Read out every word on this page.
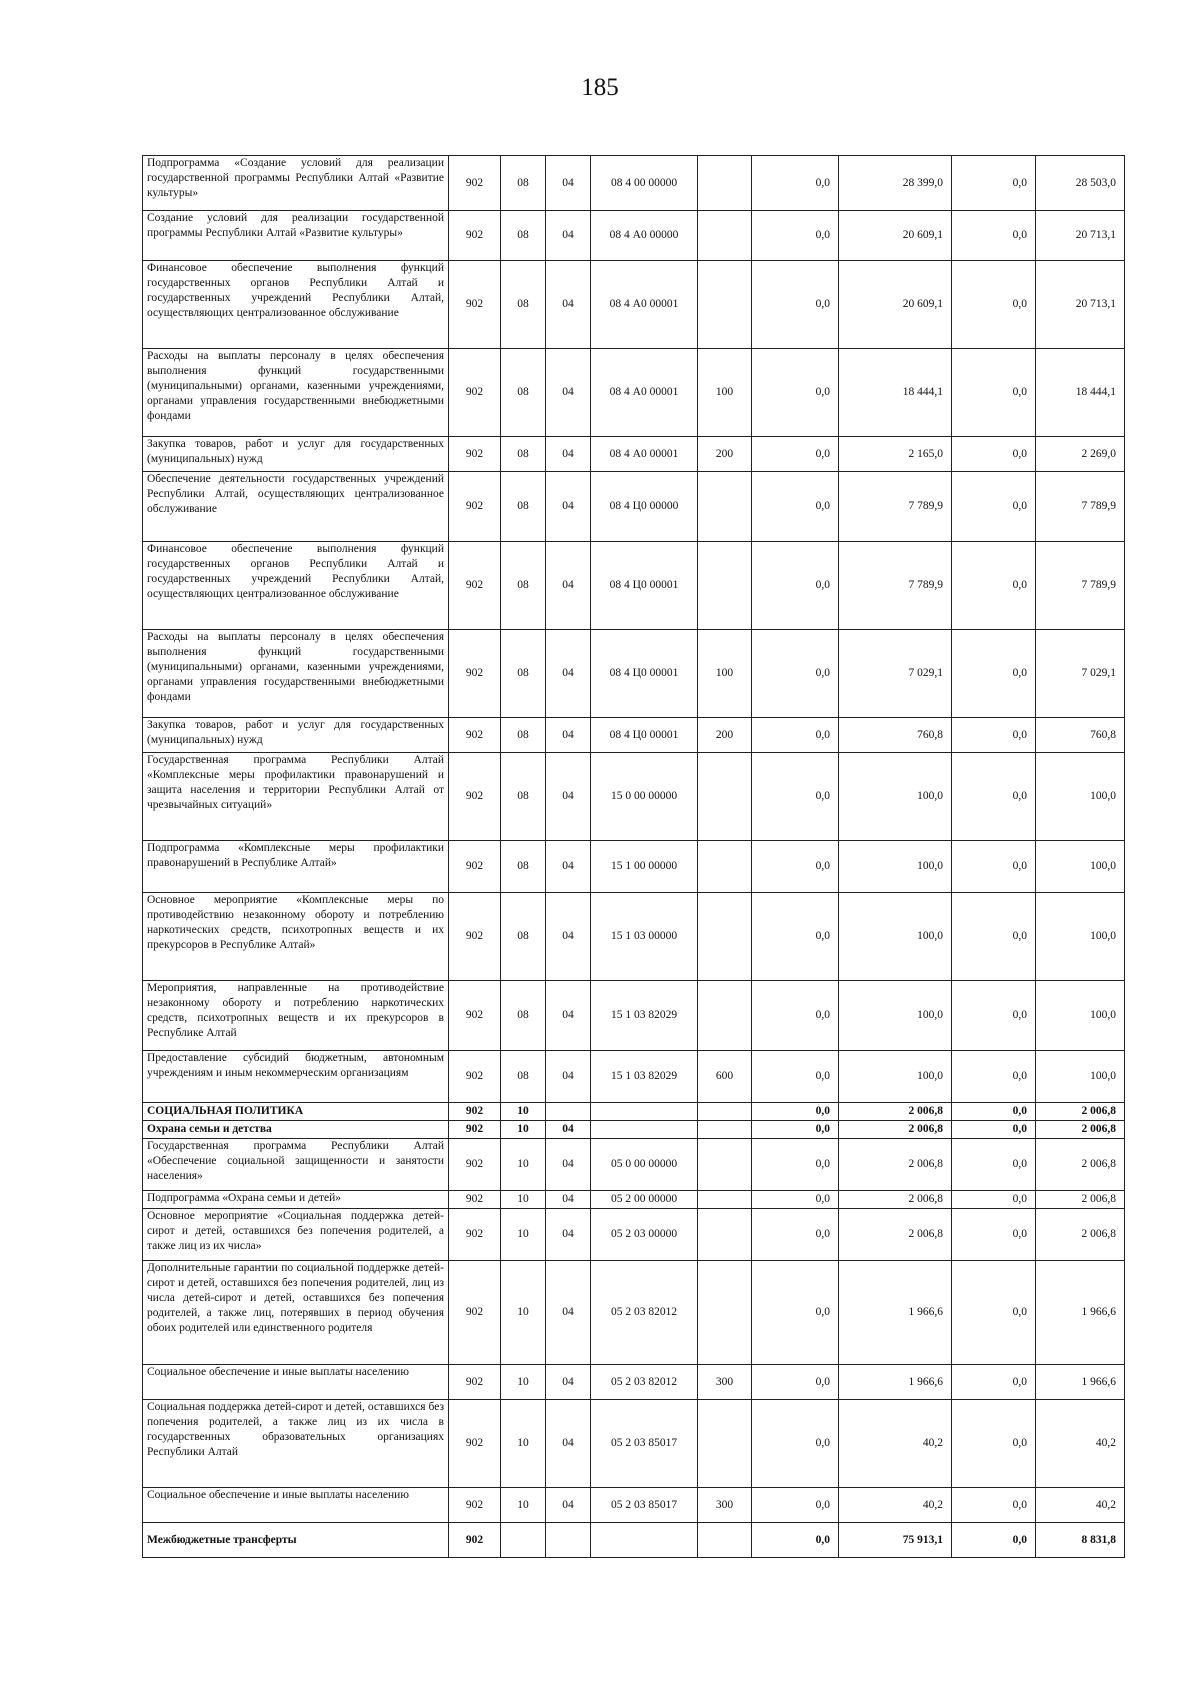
185
Подпрограмма «Создание условий для реализации государственной программы Республики Алтай «Развитие культуры»	902	08	04	08 4 00 00000		0,0	28 399,0	0,0	28 503,0
Создание условий для реализации государственной программы Республики Алтай «Развитие культуры»	902	08	04	08 4 А0 00000		0,0	20 609,1	0,0	20 713,1
Финансовое обеспечение выполнения функций государственных органов Республики Алтай и государственных учреждений Республики Алтай, осуществляющих централизованное обслуживание	902	08	04	08 4 А0 00001		0,0	20 609,1	0,0	20 713,1
Расходы на выплаты персоналу в целях обеспечения выполнения функций государственными (муниципальными) органами, казенными учреждениями, органами управления государственными внебюджетными фондами	902	08	04	08 4 А0 00001	100	0,0	18 444,1	0,0	18 444,1
Закупка товаров, работ и услуг для государственных (муниципальных) нужд	902	08	04	08 4 А0 00001	200	0,0	2 165,0	0,0	2 269,0
Обеспечение деятельности государственных учреждений Республики Алтай, осуществляющих централизованное обслуживание	902	08	04	08 4 Ц0 00000		0,0	7 789,9	0,0	7 789,9
Финансовое обеспечение выполнения функций государственных органов Республики Алтай и государственных учреждений Республики Алтай, осуществляющих централизованное обслуживание	902	08	04	08 4 Ц0 00001		0,0	7 789,9	0,0	7 789,9
Расходы на выплаты персоналу в целях обеспечения выполнения функций государственными (муниципальными) органами, казенными учреждениями, органами управления государственными внебюджетными фондами	902	08	04	08 4 Ц0 00001	100	0,0	7 029,1	0,0	7 029,1
Закупка товаров, работ и услуг для государственных (муниципальных) нужд	902	08	04	08 4 Ц0 00001	200	0,0	760,8	0,0	760,8
Государственная программа Республики Алтай «Комплексные меры профилактики правонарушений и защита населения и территории Республики Алтай от чрезвычайных ситуаций»	902	08	04	15 0 00 00000		0,0	100,0	0,0	100,0
Подпрограмма «Комплексные меры профилактики правонарушений в Республике Алтай»	902	08	04	15 1 00 00000		0,0	100,0	0,0	100,0
Основное мероприятие «Комплексные меры по противодействию незаконному обороту и потреблению наркотических средств, психотропных веществ и их прекурсоров в Республике Алтай»	902	08	04	15 1 03 00000		0,0	100,0	0,0	100,0
Мероприятия, направленные на противодействие незаконному обороту и потреблению наркотических средств, психотропных веществ и их прекурсоров в Республике Алтай	902	08	04	15 1 03 82029		0,0	100,0	0,0	100,0
Предоставление субсидий бюджетным, автономным учреждениям и иным некоммерческим организациям	902	08	04	15 1 03 82029	600	0,0	100,0	0,0	100,0
СОЦИАЛЬНАЯ ПОЛИТИКА	902	10				0,0	2 006,8	0,0	2 006,8
Охрана семьи и детства	902	10	04			0,0	2 006,8	0,0	2 006,8
Государственная программа Республики Алтай «Обеспечение социальной защищенности и занятости населения»	902	10	04	05 0 00 00000		0,0	2 006,8	0,0	2 006,8
Подпрограмма «Охрана семьи и детей»	902	10	04	05 2 00 00000		0,0	2 006,8	0,0	2 006,8
Основное мероприятие «Социальная поддержка детей-сирот и детей, оставшихся без попечения родителей, а также лиц из их числа»	902	10	04	05 2 03 00000		0,0	2 006,8	0,0	2 006,8
Дополнительные гарантии по социальной поддержке детей-сирот и детей, оставшихся без попечения родителей, лиц из числа детей-сирот и детей, оставшихся без попечения родителей, а также лиц, потерявших в период обучения обоих родителей или единственного родителя	902	10	04	05 2 03 82012		0,0	1 966,6	0,0	1 966,6
Социальное обеспечение и иные выплаты населению	902	10	04	05 2 03 82012	300	0,0	1 966,6	0,0	1 966,6
Социальная поддержка детей-сирот и детей, оставшихся без попечения родителей, а также лиц из их числа в государственных образовательных организациях Республики Алтай	902	10	04	05 2 03 85017		0,0	40,2	0,0	40,2
Социальное обеспечение и иные выплаты населению	902	10	04	05 2 03 85017	300	0,0	40,2	0,0	40,2
Межбюджетные трансферты	902					0,0	75 913,1	0,0	8 831,8
